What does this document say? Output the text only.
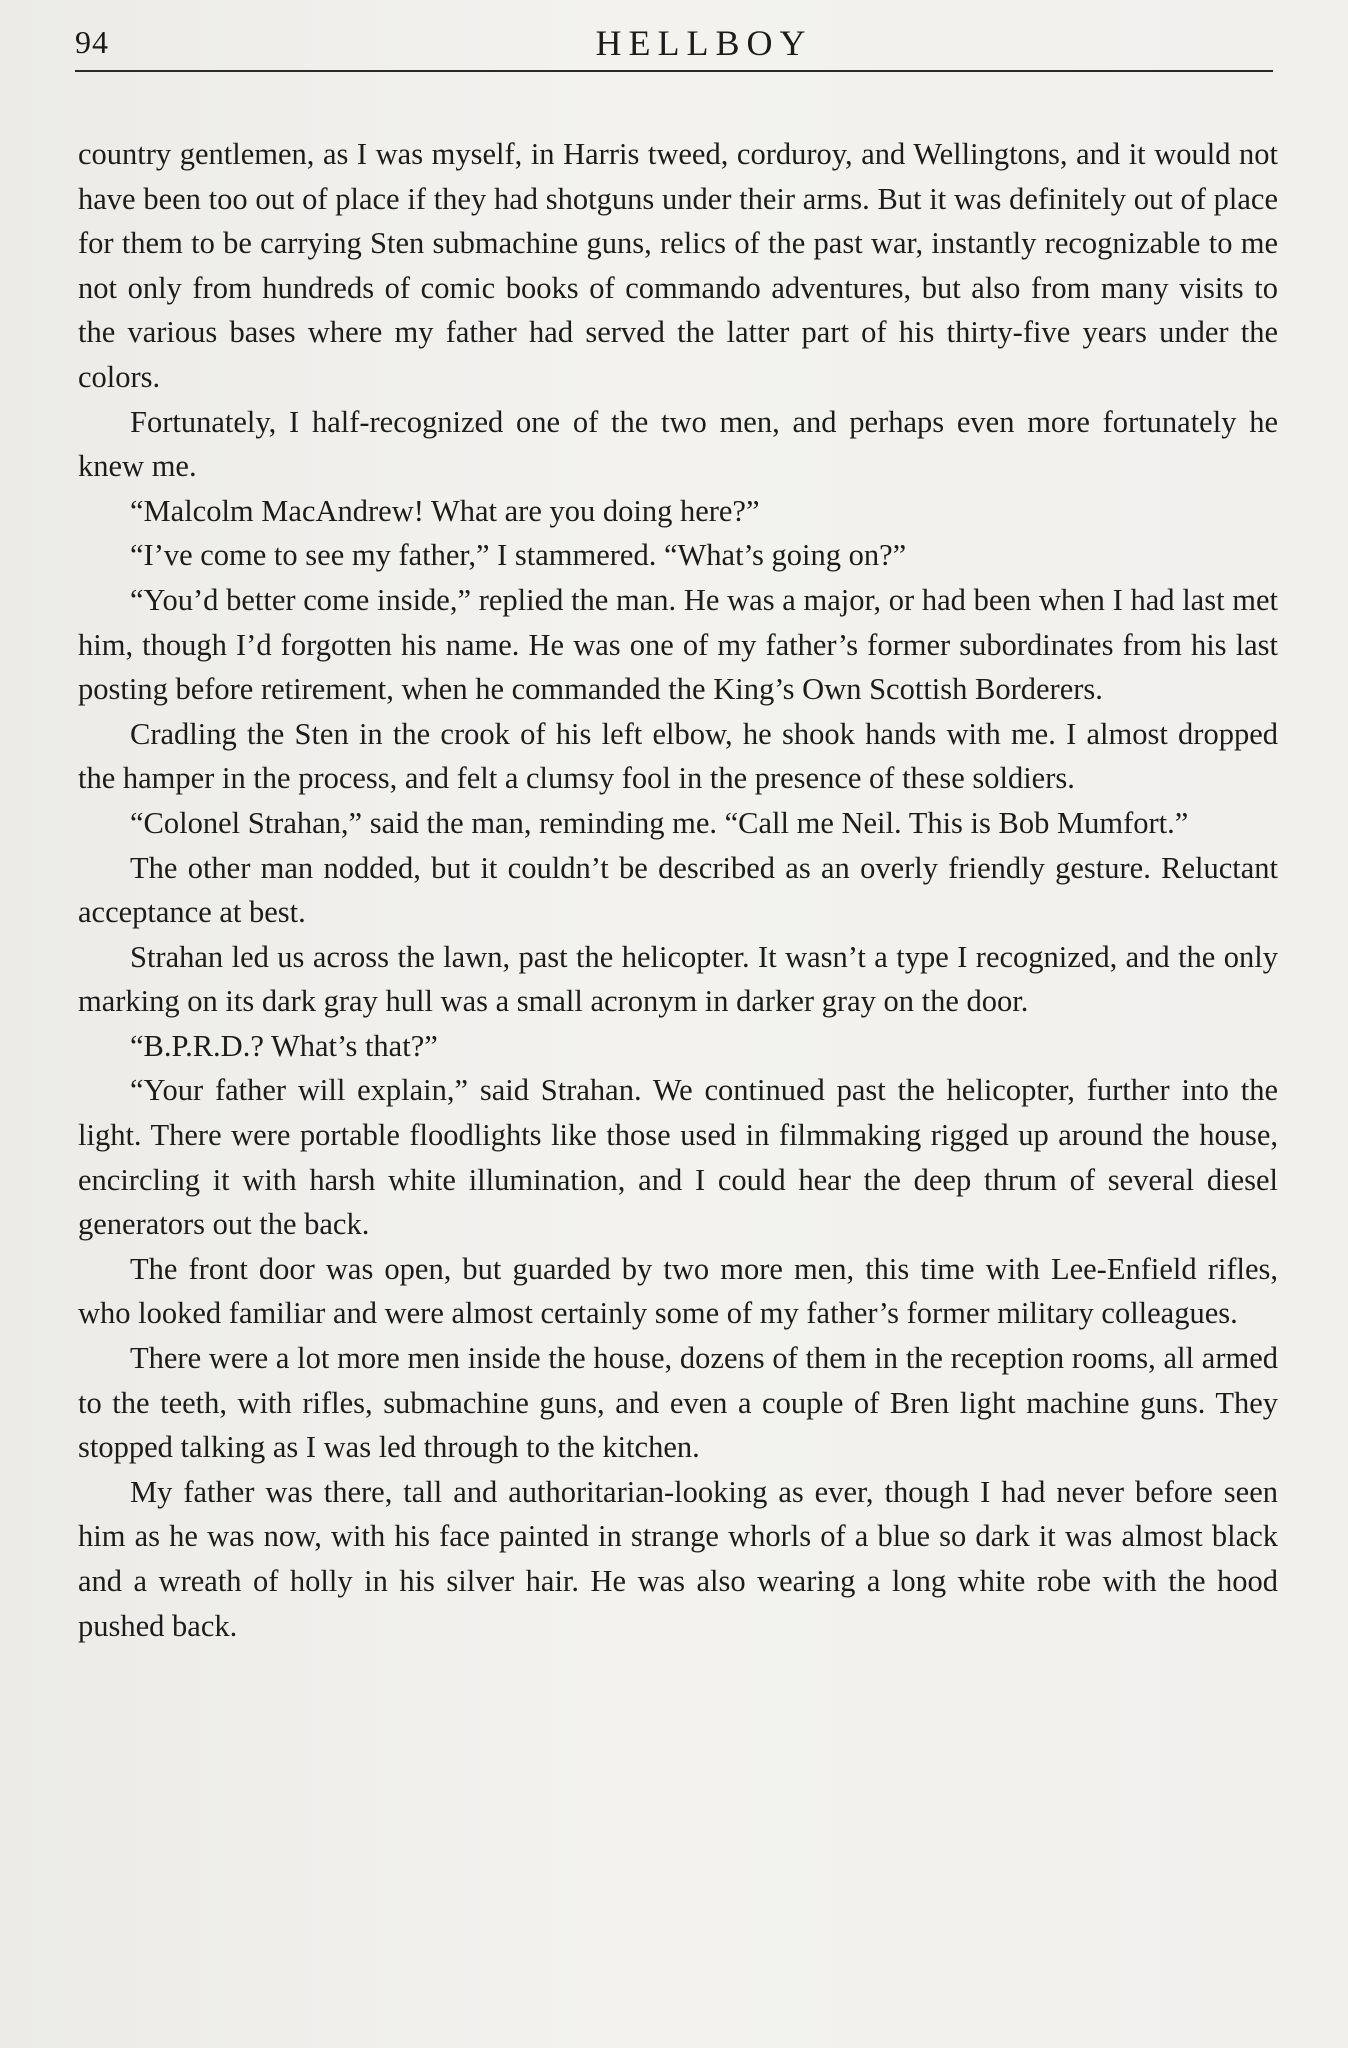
94	HELLBOY

country gentlemen, as I was myself, in Harris tweed, corduroy, and Wellingtons, and it would not have been too out of place if they had shotguns under their arms. But it was definitely out of place for them to be carrying Sten submachine guns, relics of the past war, instantly recognizable to me not only from hundreds of comic books of commando adventures, but also from many visits to the various bases where my father had served the latter part of his thirty-five years under the colors.

Fortunately, I half-recognized one of the two men, and perhaps even more fortunately he knew me.

“Malcolm MacAndrew! What are you doing here?”

“I’ve come to see my father,” I stammered. “What’s going on?”

“You’d better come inside,” replied the man. He was a major, or had been when I had last met him, though I’d forgotten his name. He was one of my father’s former subordinates from his last posting before retirement, when he commanded the King’s Own Scottish Borderers.

Cradling the Sten in the crook of his left elbow, he shook hands with me. I almost dropped the hamper in the process, and felt a clumsy fool in the presence of these soldiers.

“Colonel Strahan,” said the man, reminding me. “Call me Neil. This is Bob Mumfort.”

The other man nodded, but it couldn’t be described as an overly friendly gesture. Reluctant acceptance at best.

Strahan led us across the lawn, past the helicopter. It wasn’t a type I recognized, and the only marking on its dark gray hull was a small acronym in darker gray on the door.

“B.P.R.D.? What’s that?”

“Your father will explain,” said Strahan. We continued past the helicopter, further into the light. There were portable floodlights like those used in filmmaking rigged up around the house, encircling it with harsh white illumination, and I could hear the deep thrum of several diesel generators out the back.

The front door was open, but guarded by two more men, this time with Lee-Enfield rifles, who looked familiar and were almost certainly some of my father’s former military colleagues.

There were a lot more men inside the house, dozens of them in the reception rooms, all armed to the teeth, with rifles, submachine guns, and even a couple of Bren light machine guns. They stopped talking as I was led through to the kitchen.

My father was there, tall and authoritarian-looking as ever, though I had never before seen him as he was now, with his face painted in strange whorls of a blue so dark it was almost black and a wreath of holly in his silver hair. He was also wearing a long white robe with the hood pushed back.
